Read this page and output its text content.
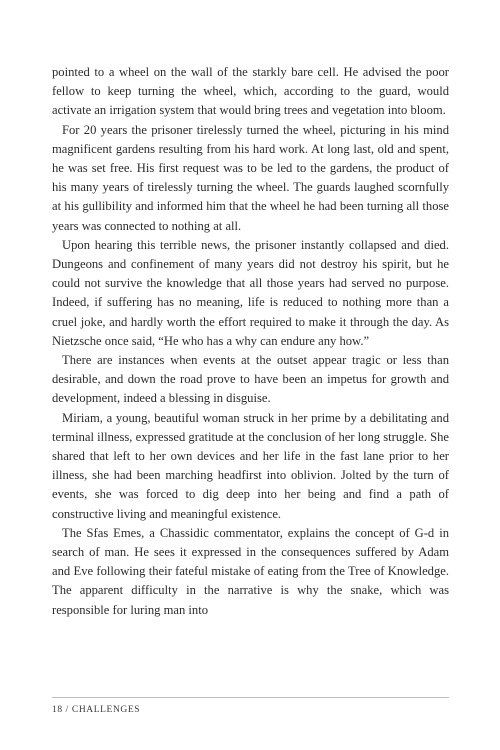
pointed to a wheel on the wall of the starkly bare cell. He advised the poor fellow to keep turning the wheel, which, according to the guard, would activate an irrigation system that would bring trees and vegetation into bloom.

For 20 years the prisoner tirelessly turned the wheel, picturing in his mind magnificent gardens resulting from his hard work. At long last, old and spent, he was set free. His first request was to be led to the gardens, the product of his many years of tirelessly turning the wheel. The guards laughed scornfully at his gullibility and informed him that the wheel he had been turning all those years was connected to nothing at all.

Upon hearing this terrible news, the prisoner instantly collapsed and died. Dungeons and confinement of many years did not destroy his spirit, but he could not survive the knowledge that all those years had served no purpose. Indeed, if suffering has no meaning, life is reduced to nothing more than a cruel joke, and hardly worth the effort required to make it through the day. As Nietzsche once said, “He who has a why can endure any how.”

There are instances when events at the outset appear tragic or less than desirable, and down the road prove to have been an impetus for growth and development, indeed a blessing in disguise.

Miriam, a young, beautiful woman struck in her prime by a debilitating and terminal illness, expressed gratitude at the conclusion of her long struggle. She shared that left to her own devices and her life in the fast lane prior to her illness, she had been marching headfirst into oblivion. Jolted by the turn of events, she was forced to dig deep into her being and find a path of constructive living and meaningful existence.

The Sfas Emes, a Chassidic commentator, explains the concept of G-d in search of man. He sees it expressed in the consequences suffered by Adam and Eve following their fateful mistake of eating from the Tree of Knowledge. The apparent difficulty in the narrative is why the snake, which was responsible for luring man into

18 / CHALLENGES
